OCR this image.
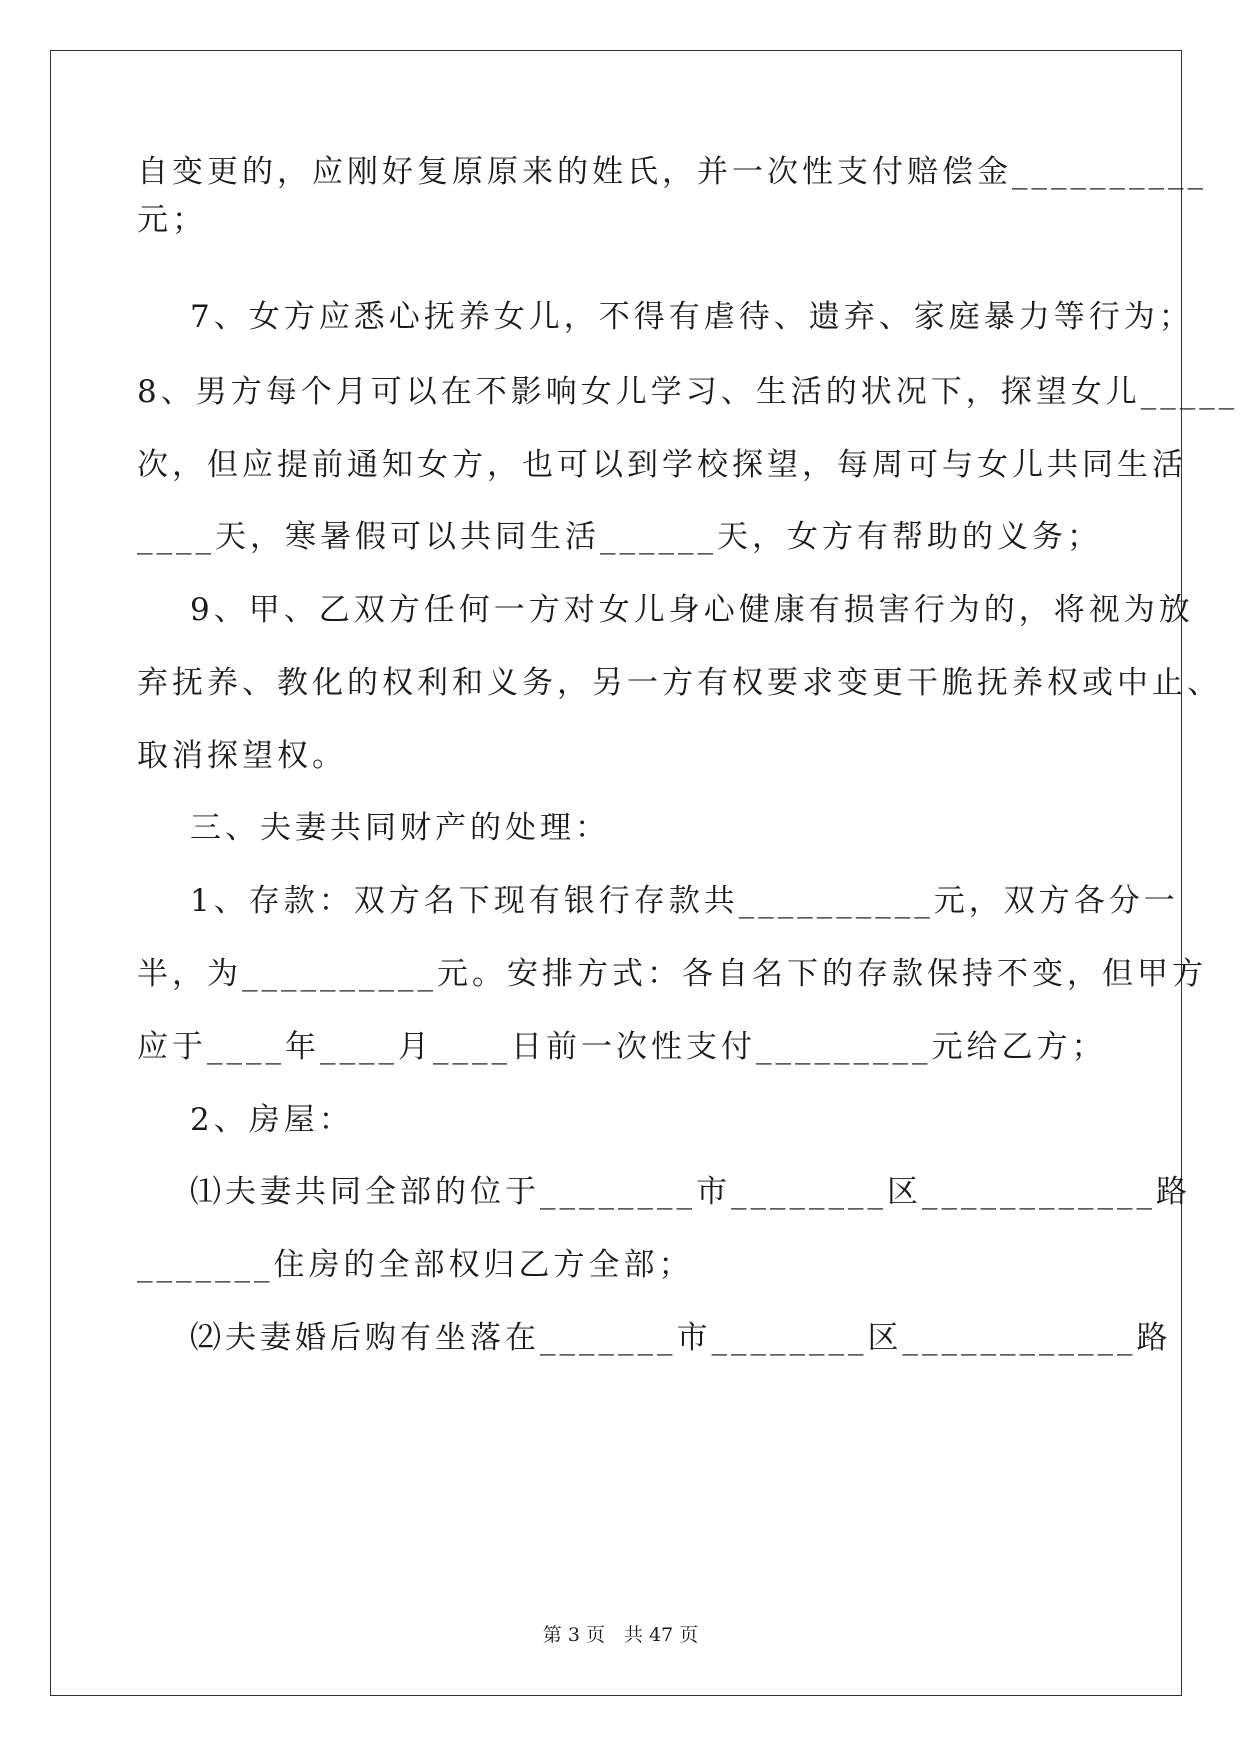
自变更的，应刚好复原原来的姓氏，并一次性支付赔偿金__________
元；
7、女方应悉心抚养女儿，不得有虐待、遗弃、家庭暴力等行为；
8、男方每个月可以在不影响女儿学习、生活的状况下，探望女儿_____
次，但应提前通知女方，也可以到学校探望，每周可与女儿共同生活
____天，寒暑假可以共同生活______天，女方有帮助的义务；
9、甲、乙双方任何一方对女儿身心健康有损害行为的，将视为放
弃抚养、教化的权利和义务，另一方有权要求变更干脆抚养权或中止、
取消探望权。
三、夫妻共同财产的处理：
1、存款：双方名下现有银行存款共__________元，双方各分一
半，为__________元。安排方式：各自名下的存款保持不变，但甲方
应于____年____月____日前一次性支付_________元给乙方；
2、房屋：
⑴夫妻共同全部的位于________市________区____________路
_______住房的全部权归乙方全部；
⑵夫妻婚后购有坐落在_______市________区____________路
第 3 页　共 47 页
